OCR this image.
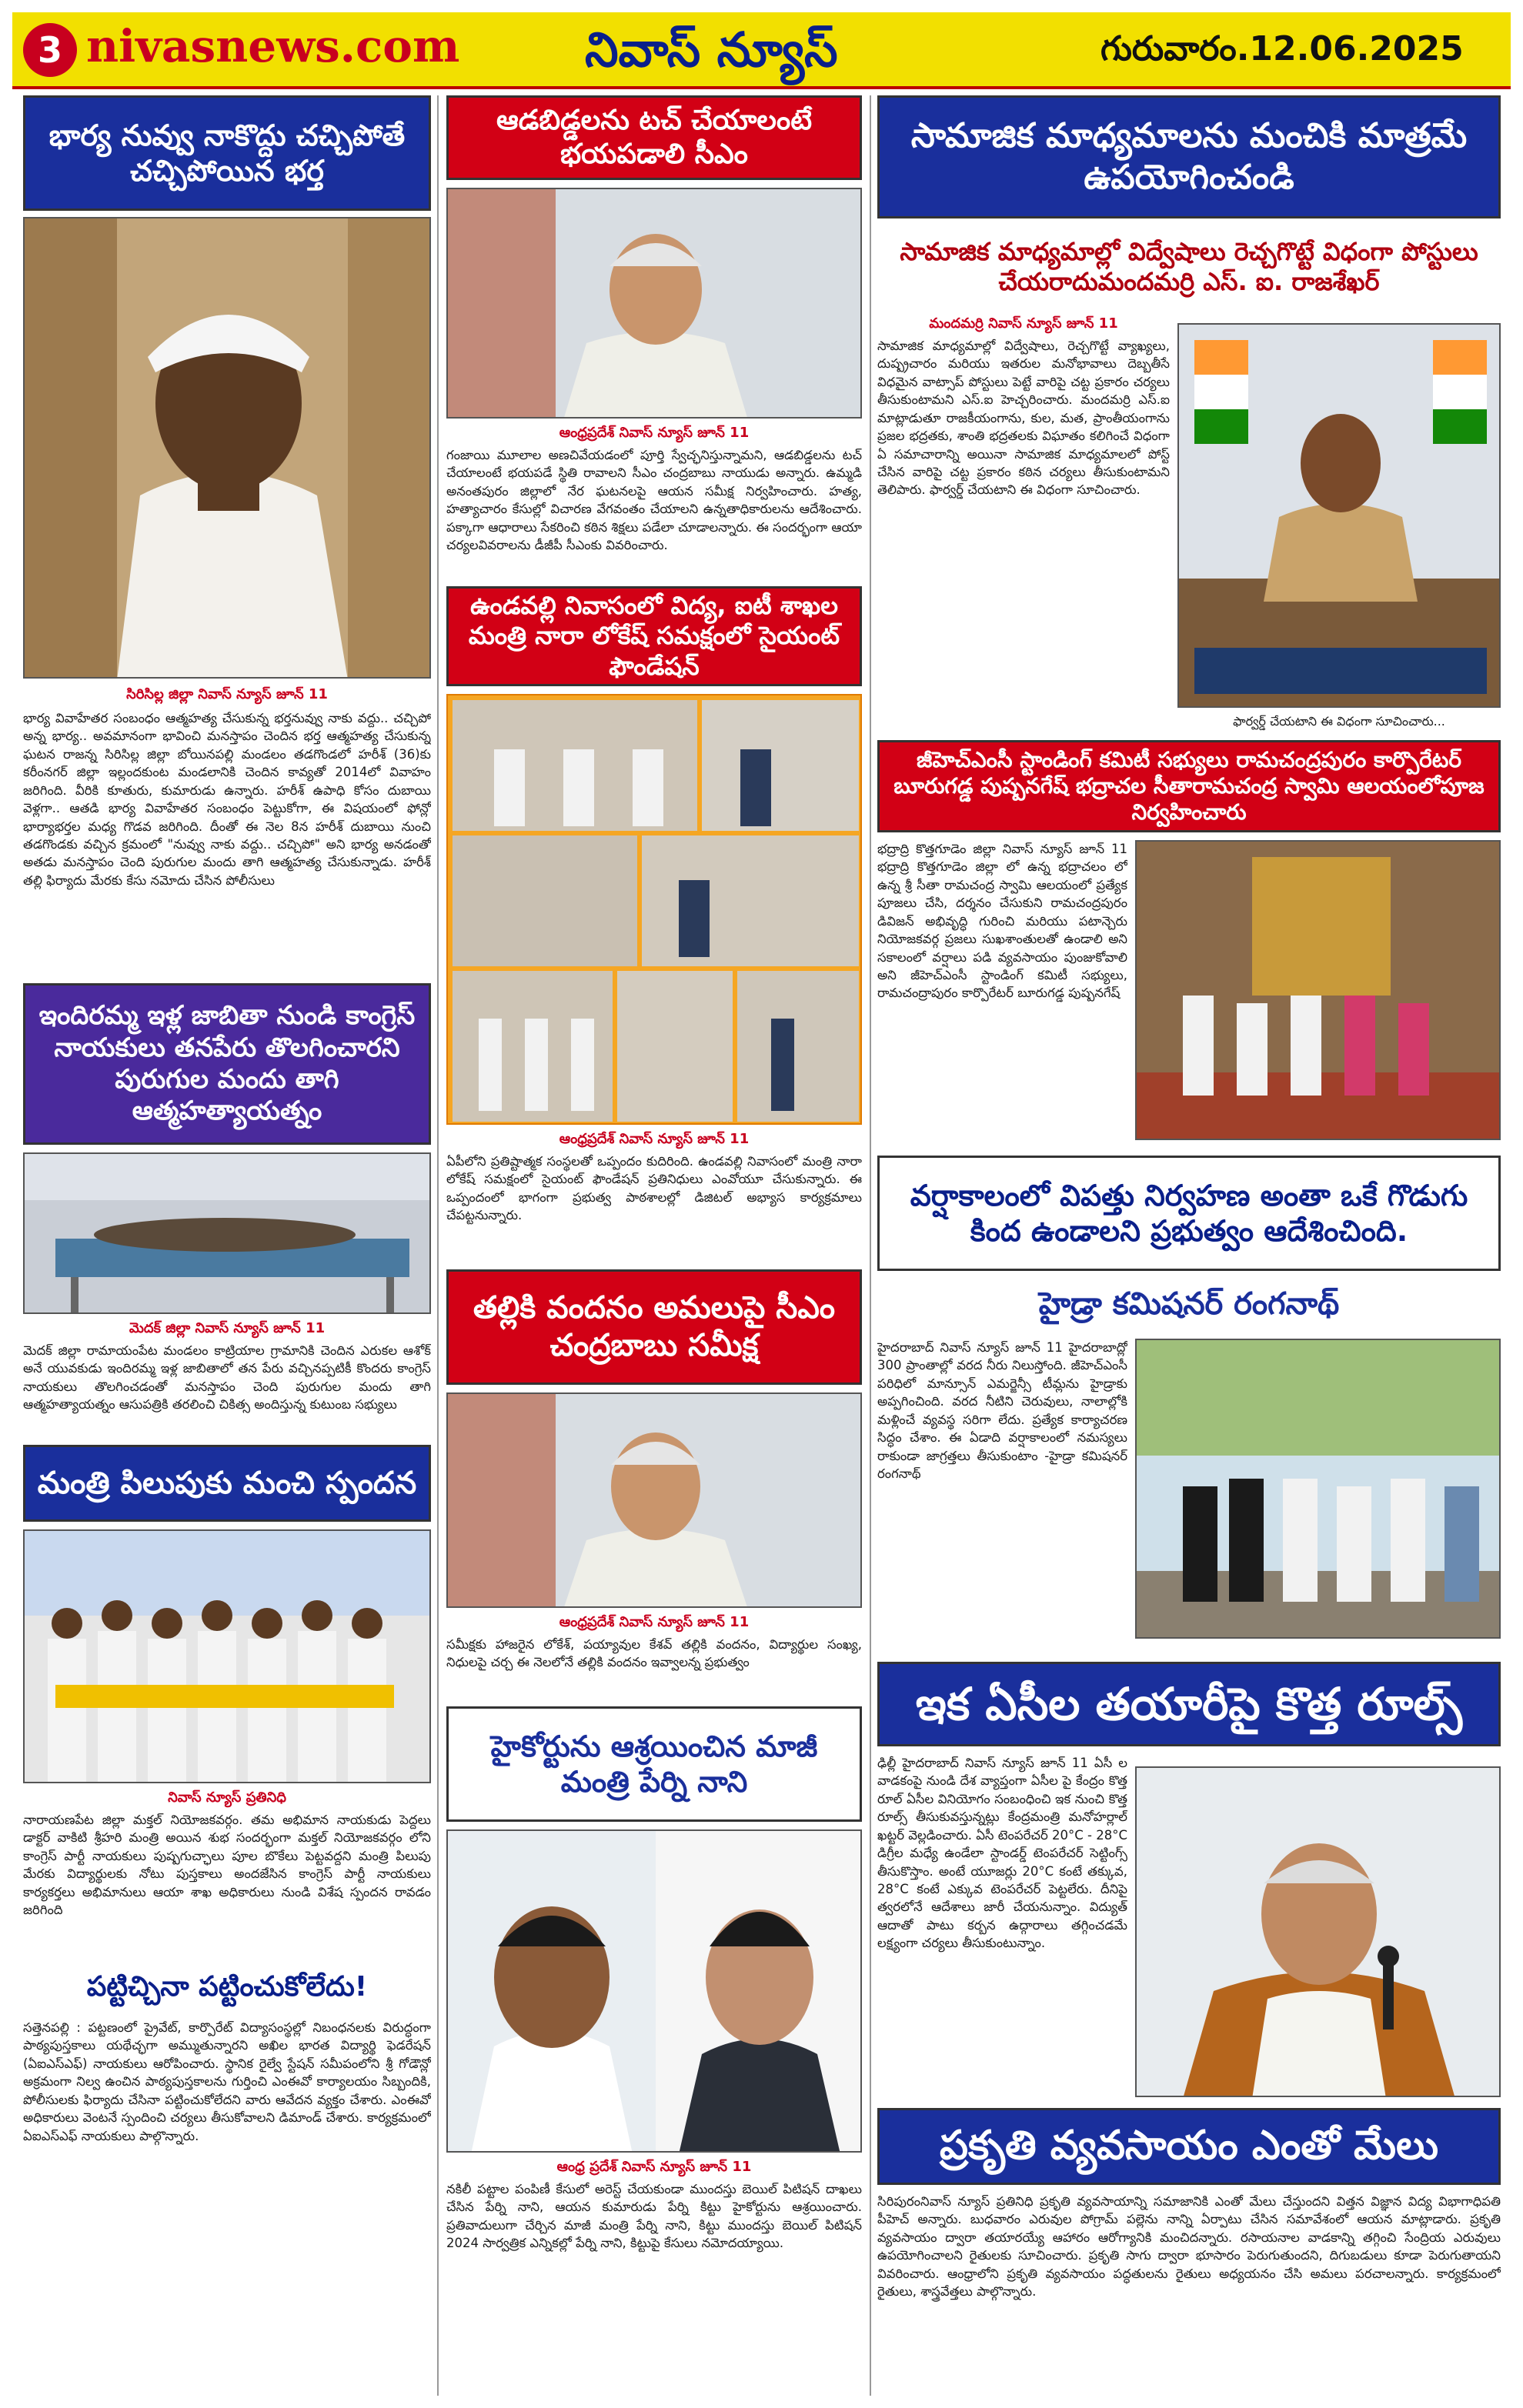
3 nivasnews.com	నివాస్ న్యూస్	గురువారం.12.06.2025
భార్య నువ్వు నాకొద్దు చచ్చిపోతే చచ్చిపోయిన భర్త
సిరిసిల్ల జిల్లా నివాస్ న్యూస్ జూన్ 11
భార్య వివాహేతర సంబంధం ఆత్మహత్య చేసుకున్న భర్తనువ్వు నాకు వద్దు.. చచ్చిపో అన్న భార్య.. అవమానంగా భావించి మనస్తాపం చెందిన భర్త ఆత్మహత్య చేసుకున్న ఘటన రాజన్న సిరిసిల్ల జిల్లా బోయినపల్లి మండలం తడగొండలో హరీశ్ (36)కు కరీంనగర్ జిల్లా ఇల్లందకుంట మండలానికి చెందిన కావ్యతో 2014లో వివాహం జరిగింది. వీరికి కూతురు, కుమారుడు ఉన్నారు. హరీశ్ ఉపాధి కోసం దుబాయి వెళ్లగా.. ఆతడి భార్య వివాహేతర సంబంధం పెట్టుకోగా, ఈ విషయంలో ఫోన్లో భార్యాభర్తల మధ్య గొడవ జరిగింది. దీంతో ఈ నెల 8న హరీశ్ దుబాయి నుంచి తడగొండకు వచ్చిన క్రమంలో "నువ్వు నాకు వద్దు.. చచ్చిపో" అని భార్య అనడంతో అతడు మనస్తాపం చెంది పురుగుల మందు తాగి ఆత్మహత్య చేసుకున్నాడు. హరీశ్ తల్లి ఫిర్యాదు మేరకు కేసు నమోదు చేసిన పోలీసులు
ఇందిరమ్మ ఇళ్ల జాబితా నుండి కాంగ్రెస్ నాయకులు తనపేరు తొలగించారని పురుగుల మందు తాగి ఆత్మహత్యాయత్నం
మెదక్ జిల్లా నివాస్ న్యూస్ జూన్ 11
మెదక్ జిల్లా రామాయంపేట మండలం కాట్రియాల గ్రామానికి చెందిన ఎరుకల ఆశోక్ అనే యువకుడు ఇందిరమ్మ ఇళ్ల జాబితాలో తన పేరు వచ్చినప్పటికీ కొందరు కాంగ్రెస్ నాయకులు తొలగించడంతో మనస్తాపం చెంది పురుగుల మందు తాగి ఆత్మహత్యాయత్నం ఆసుపత్రికి తరలించి చికిత్స అందిస్తున్న కుటుంబ సభ్యులు
మంత్రి పిలుపుకు మంచి స్పందన
నివాస్ న్యూస్ ప్రతినిధి
నారాయణపేట జిల్లా మక్తల్ నియోజకవర్గం. తమ అభిమాన నాయకుడు పెద్దలు డాక్టర్ వాకిటి శ్రీహరి మంత్రి అయిన శుభ సందర్భంగా మక్తల్ నియోజకవర్గం లోని కాంగ్రెస్ పార్టీ నాయకులు పుష్పగుచ్ఛాలు పూల బొకేలు పెట్టవద్దని మంత్రి పిలుపు మేరకు విద్యార్థులకు నోటు పుస్తకాలు అందజేసిన కాంగ్రెస్ పార్టీ నాయకులు కార్యకర్తలు అభిమానులు ఆయా శాఖ అధికారులు నుండి విశేష స్పందన రావడం జరిగింది
పట్టిచ్చినా పట్టించుకోలేదు!
సత్తెనపల్లి : పట్టణంలో ప్రైవేట్, కార్పొరేట్ విద్యాసంస్థల్లో నిబంధనలకు విరుద్ధంగా పాఠ్యపుస్తకాలు యథేచ్ఛగా అమ్ముతున్నారని అఖిల భారత విద్యార్థి ఫెడరేషన్ (ఏఐఎస్ఎఫ్) నాయకులు ఆరోపించారు. స్థానిక రైల్వే స్టేషన్ సమీపంలోని శ్రీ గోడౌన్లో అక్రమంగా నిల్వ ఉంచిన పాఠ్యపుస్తకాలను గుర్తించి ఎంఈవో కార్యాలయం సిబ్బందికి, పోలీసులకు ఫిర్యాదు చేసినా పట్టించుకోలేదని వారు ఆవేదన వ్యక్తం చేశారు. ఎంఈవో అధికారులు వెంటనే స్పందించి చర్యలు తీసుకోవాలని డిమాండ్ చేశారు. కార్యక్రమంలో ఏఐఎస్ఎఫ్ నాయకులు పాల్గొన్నారు.
ఆడబిడ్డలను టచ్ చేయాలంటే భయపడాలి సీఎం
ఆంధ్రప్రదేశ్ నివాస్ న్యూస్ జూన్ 11
గంజాయి మూలాల అణచివేయడంలో పూర్తి స్వేచ్ఛనిస్తున్నామని, ఆడబిడ్డలను టచ్ చేయాలంటే భయపడే స్థితి రావాలని సీఎం చంద్రబాబు నాయుడు అన్నారు. ఉమ్మడి అనంతపురం జిల్లాలో నేర ఘటనలపై ఆయన సమీక్ష నిర్వహించారు. హత్య, హత్యాచారం కేసుల్లో విచారణ వేగవంతం చేయాలని ఉన్నతాధికారులను ఆదేశించారు. పక్కాగా ఆధారాలు సేకరించి కఠిన శిక్షలు పడేలా చూడాలన్నారు. ఈ సందర్భంగా ఆయా చర్యలవివరాలను డీజీపీ సీఎంకు వివరించారు.
ఉండవల్లి నివాసంలో విద్య, ఐటీ శాఖల మంత్రి నారా లోకేష్ సమక్షంలో సైయంట్ ఫౌండేషన్
ఆంధ్రప్రదేశ్ నివాస్ న్యూస్ జూన్ 11
ఏపీలోని ప్రతిష్టాత్మక సంస్థలతో ఒప్పందం కుదిరింది. ఉండవల్లి నివాసంలో మంత్రి నారా లోకేష్ సమక్షంలో సైయంట్ ఫౌండేషన్ ప్రతినిధులు ఎంవోయూ చేసుకున్నారు. ఈ ఒప్పందంలో భాగంగా ప్రభుత్వ పాఠశాలల్లో డిజిటల్ అభ్యాస కార్యక్రమాలు చేపట్టనున్నారు.
తల్లికి వందనం అమలుపై సీఎం చంద్రబాబు సమీక్ష
ఆంధ్రప్రదేశ్ నివాస్ న్యూస్ జూన్ 11
సమీక్షకు హాజరైన లోకేశ్, పయ్యావుల కేశవ్ తల్లికి వందనం, విద్యార్థుల సంఖ్య, నిధులపై చర్చ ఈ నెలలోనే తల్లికి వందనం ఇవ్వాలన్న ప్రభుత్వం
హైకోర్టును ఆశ్రయించిన మాజీ మంత్రి పేర్ని నాని
ఆంధ్ర ప్రదేశ్ నివాస్ న్యూస్ జూన్ 11
నకిలీ పట్టాల పంపిణీ కేసులో అరెస్ట్ చేయకుండా ముందస్తు బెయిల్ పిటిషన్ దాఖలు చేసిన పేర్ని నాని, ఆయన కుమారుడు పేర్ని కిట్టు హైకోర్టును ఆశ్రయించారు. ప్రతివాదులుగా చేర్చిన మాజీ మంత్రి పేర్ని నాని, కిట్టు ముందస్తు బెయిల్ పిటిషన్ 2024 సార్వత్రిక ఎన్నికల్లో పేర్ని నాని, కిట్టుపై కేసులు నమోదయ్యాయి.
సామాజిక మాధ్యమాలను మంచికి మాత్రమే ఉపయోగించండి
సామాజిక మాధ్యమాల్లో విద్వేషాలు రెచ్చగొట్టే విధంగా పోస్టులు చేయరాదుమందమర్రి ఎస్. ఐ. రాజశేఖర్
మందమర్రి నివాస్ న్యూస్ జూన్ 11
సామాజిక మాధ్యమాల్లో విద్వేషాలు, రెచ్చగొట్టే వ్యాఖ్యలు, దుష్ప్రచారం మరియు ఇతరుల మనోభావాలు దెబ్బతీసే విధమైన వాట్సాప్ పోస్టులు పెట్టే వారిపై చట్ట ప్రకారం చర్యలు తీసుకుంటామని ఎస్.ఐ హెచ్చరించారు. మందమర్రి ఎస్.ఐ మాట్లాడుతూ రాజకీయంగాను, కుల, మత, ప్రాంతీయంగాను ప్రజల భద్రతకు, శాంతి భద్రతలకు విఘాతం కలిగించే విధంగా ఏ సమాచారాన్ని అయినా సామాజిక మాధ్యమాలలో పోస్ట్ చేసిన వారిపై చట్ట ప్రకారం కఠిన చర్యలు తీసుకుంటామని తెలిపారు. ఫార్వర్డ్ చేయటాని ఈ విధంగా సూచించారు.
ఫార్వర్డ్ చేయటాని ఈ విధంగా సూచించారు...
జీహెచ్ఎంసీ స్టాండింగ్ కమిటీ సభ్యులు రామచంద్రపురం కార్పొరేటర్ బూరుగడ్డ పుష్పనగేష్ భద్రాచల సీతారామచంద్ర స్వామి ఆలయంలోపూజ నిర్వహించారు
భద్రాద్రి కొత్తగూడెం జిల్లా నివాస్ న్యూస్ జూన్ 11 భద్రాద్రి కొత్తగూడెం జిల్లా లో ఉన్న భద్రాచలం లో ఉన్న శ్రీ సీతా రామచంద్ర స్వామి ఆలయంలో ప్రత్యేక పూజలు చేసి, దర్శనం చేసుకుని రామచంద్రపురం డివిజన్ అభివృద్ధి గురించి మరియు పటాన్చెరు నియోజకవర్గ ప్రజలు సుఖశాంతులతో ఉండాలి అని సకాలంలో వర్షాలు పడి వ్యవసాయం పుంజుకోవాలి అని జీహెచ్ఎంసీ స్టాండింగ్ కమిటీ సభ్యులు, రామచంద్రాపురం కార్పొరేటర్ బూరుగడ్డ పుష్పనగేష్
వర్షాకాలంలో విపత్తు నిర్వహణ అంతా ఒకే గొడుగు కింద ఉండాలని ప్రభుత్వం ఆదేశించింది.
హైడ్రా కమిషనర్ రంగనాథ్
హైదరాబాద్ నివాస్ న్యూస్ జూన్ 11 హైదరాబాద్లో 300 ప్రాంతాల్లో వరద నీరు నిలుస్తోంది. జీహెచ్ఎంసీ పరిధిలో మాన్సూన్ ఎమర్జెన్సీ టీమ్లను హైడ్రాకు అప్పగించింది. వరద నీటిని చెరువులు, నాలాల్లోకి మళ్లించే వ్యవస్థ సరిగా లేదు. ప్రత్యేక కార్యాచరణ సిద్ధం చేశాం. ఈ ఏడాది వర్షాకాలంలో నమస్యలు రాకుండా జాగ్రత్తలు తీసుకుంటాం -హైడ్రా కమిషనర్ రంగనాథ్
ఇక ఏసీల తయారీపై కొత్త రూల్స్
ఢిల్లీ హైదరాబాద్ నివాస్ న్యూస్ జూన్ 11 ఏసీ ల వాడకంపై నుండి దేశ వ్యాప్తంగా ఏసీల పై కేంద్రం కొత్త రూల్ ఏసీల వినియోగం సంబంధించి ఇక నుంచి కొత్త రూల్స్ తీసుకువస్తున్నట్లు కేంద్రమంత్రి మనోహర్లాల్ ఖట్టర్ వెల్లడించారు. ఏసీ టెంపరేచర్ 20°C - 28°C డిగ్రీల మధ్యే ఉండేలా స్టాండర్డ్ టెంపరేచర్ సెట్టింగ్స్ తీసుకొస్తాం. అంటే యూజర్లు 20°C కంటే తక్కువ, 28°C కంటే ఎక్కువ టెంపరేచర్ పెట్టలేరు. దీనిపై త్వరలోనే ఆదేశాలు జారీ చేయనున్నాం. విద్యుత్ ఆదాతో పాటు కర్బన ఉద్గారాలు తగ్గించడమే లక్ష్యంగా చర్యలు తీసుకుంటున్నాం.
ప్రకృతి వ్యవసాయం ఎంతో మేలు
సిరిపురంనివాస్ న్యూస్ ప్రతినిధి ప్రకృతి వ్యవసాయాన్ని సమాజానికి ఎంతో మేలు చేస్తుందని విత్తన విజ్ఞాన విద్య విభాగాధిపతి పీహెచ్ అన్నారు. బుధవారం ఎరువుల పోగ్రామ్ పల్లెను నాన్ని ఏర్పాటు చేసిన సమావేశంలో ఆయన మాట్లాడారు. ప్రకృతి వ్యవసాయం ద్వారా తయారయ్యే ఆహారం ఆరోగ్యానికి మంచిదన్నారు. రసాయనాల వాడకాన్ని తగ్గించి సేంద్రియ ఎరువులు ఉపయోగించాలని రైతులకు సూచించారు. ప్రకృతి సాగు ద్వారా భూసారం పెరుగుతుందని, దిగుబడులు కూడా పెరుగుతాయని వివరించారు. ఆంధ్రాలోని ప్రకృతి వ్యవసాయం పద్ధతులను రైతులు అధ్యయనం చేసి అమలు పరచాలన్నారు. కార్యక్రమంలో రైతులు, శాస్త్రవేత్తలు పాల్గొన్నారు.
